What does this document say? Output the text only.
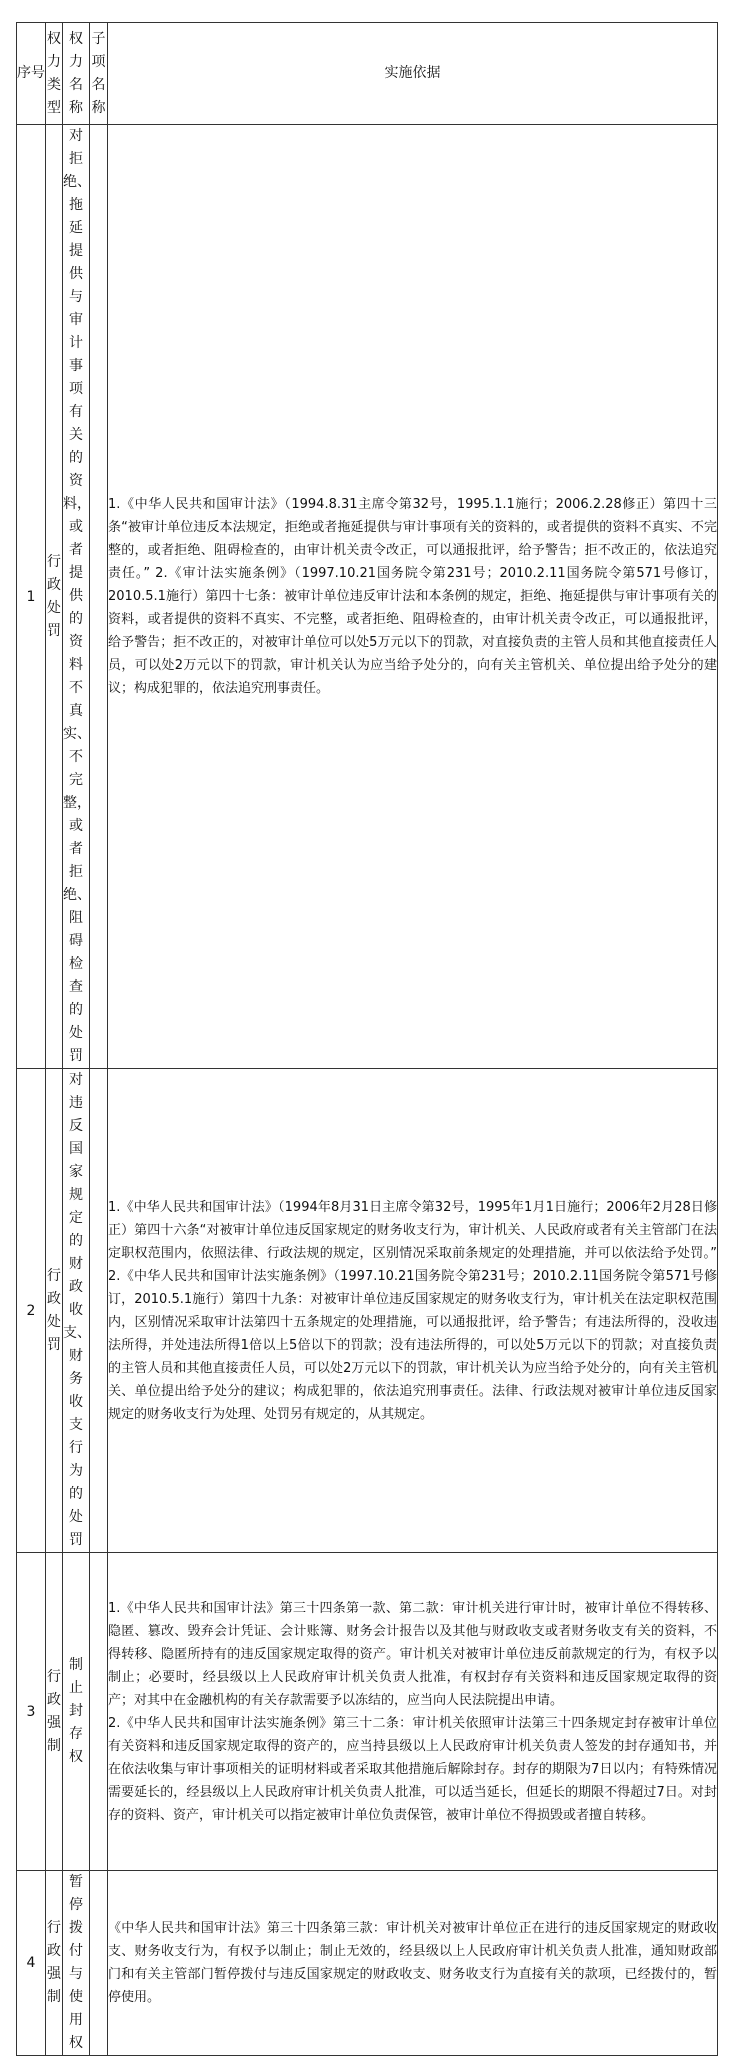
序号	权力类型	权力名称	子项名称	实施依据
1	行政处罚	对拒绝、拖延提供与审计事项有关的资料，或者提供的资料不真实、不完整，或者拒绝、阻碍检查的处罚		1.《中华人民共和国审计法》（1994.8.31主席令第32号，1995.1.1施行；2006.2.28修正）第四十三条“被审计单位违反本法规定，拒绝或者拖延提供与审计事项有关的资料的，或者提供的资料不真实、不完整的，或者拒绝、阻碍检查的，由审计机关责令改正，可以通报批评，给予警告；拒不改正的，依法追究责任。” 2.《审计法实施条例》（1997.10.21国务院令第231号；2010.2.11国务院令第571号修订，2010.5.1施行）第四十七条：被审计单位违反审计法和本条例的规定，拒绝、拖延提供与审计事项有关的资料，或者提供的资料不真实、不完整，或者拒绝、阻碍检查的，由审计机关责令改正，可以通报批评，给予警告；拒不改正的，对被审计单位可以处5万元以下的罚款，对直接负责的主管人员和其他直接责任人员，可以处2万元以下的罚款，审计机关认为应当给予处分的，向有关主管机关、单位提出给予处分的建议；构成犯罪的，依法追究刑事责任。

2	行政处罚	对违反国家规定的财政收支、财务收支行为的处罚		1.《中华人民共和国审计法》（1994年8月31日主席令第32号，1995年1月1日施行；2006年2月28日修正）第四十六条“对被审计单位违反国家规定的财务收支行为，审计机关、人民政府或者有关主管部门在法定职权范围内，依照法律、行政法规的规定，区别情况采取前条规定的处理措施，并可以依法给予处罚。” 2.《中华人民共和国审计法实施条例》（1997.10.21国务院令第231号；2010.2.11国务院令第571号修订，2010.5.1施行）第四十九条：对被审计单位违反国家规定的财务收支行为，审计机关在法定职权范围内，区别情况采取审计法第四十五条规定的处理措施，可以通报批评，给予警告；有违法所得的，没收违法所得，并处违法所得1倍以上5倍以下的罚款；没有违法所得的，可以处5万元以下的罚款；对直接负责的主管人员和其他直接责任人员，可以处2万元以下的罚款，审计机关认为应当给予处分的，向有关主管机关、单位提出给予处分的建议；构成犯罪的，依法追究刑事责任。法律、行政法规对被审计单位违反国家规定的财务收支行为处理、处罚另有规定的，从其规定。

3	行政强制	制止封存权		1.《中华人民共和国审计法》第三十四条第一款、第二款：审计机关进行审计时，被审计单位不得转移、隐匿、篡改、毁弃会计凭证、会计账簿、财务会计报告以及其他与财政收支或者财务收支有关的资料，不得转移、隐匿所持有的违反国家规定取得的资产。审计机关对被审计单位违反前款规定的行为，有权予以制止；必要时，经县级以上人民政府审计机关负责人批准，有权封存有关资料和违反国家规定取得的资产；对其中在金融机构的有关存款需要予以冻结的，应当向人民法院提出申请。

2.《中华人民共和国审计法实施条例》第三十二条：审计机关依照审计法第三十四条规定封存被审计单位有关资料和违反国家规定取得的资产的，应当持县级以上人民政府审计机关负责人签发的封存通知书，并在依法收集与审计事项相关的证明材料或者采取其他措施后解除封存。封存的期限为7日以内；有特殊情况需要延长的，经县级以上人民政府审计机关负责人批准，可以适当延长，但延长的期限不得超过7日。对封存的资料、资产，审计机关可以指定被审计单位负责保管，被审计单位不得损毁或者擅自转移。

4	行政强制	暂停拨付与使用权		《中华人民共和国审计法》第三十四条第三款：审计机关对被审计单位正在进行的违反国家规定的财政收支、财务收支行为，有权予以制止；制止无效的，经县级以上人民政府审计机关负责人批准，通知财政部门和有关主管部门暂停拨付与违反国家规定的财政收支、财务收支行为直接有关的款项，已经拨付的，暂停使用。
